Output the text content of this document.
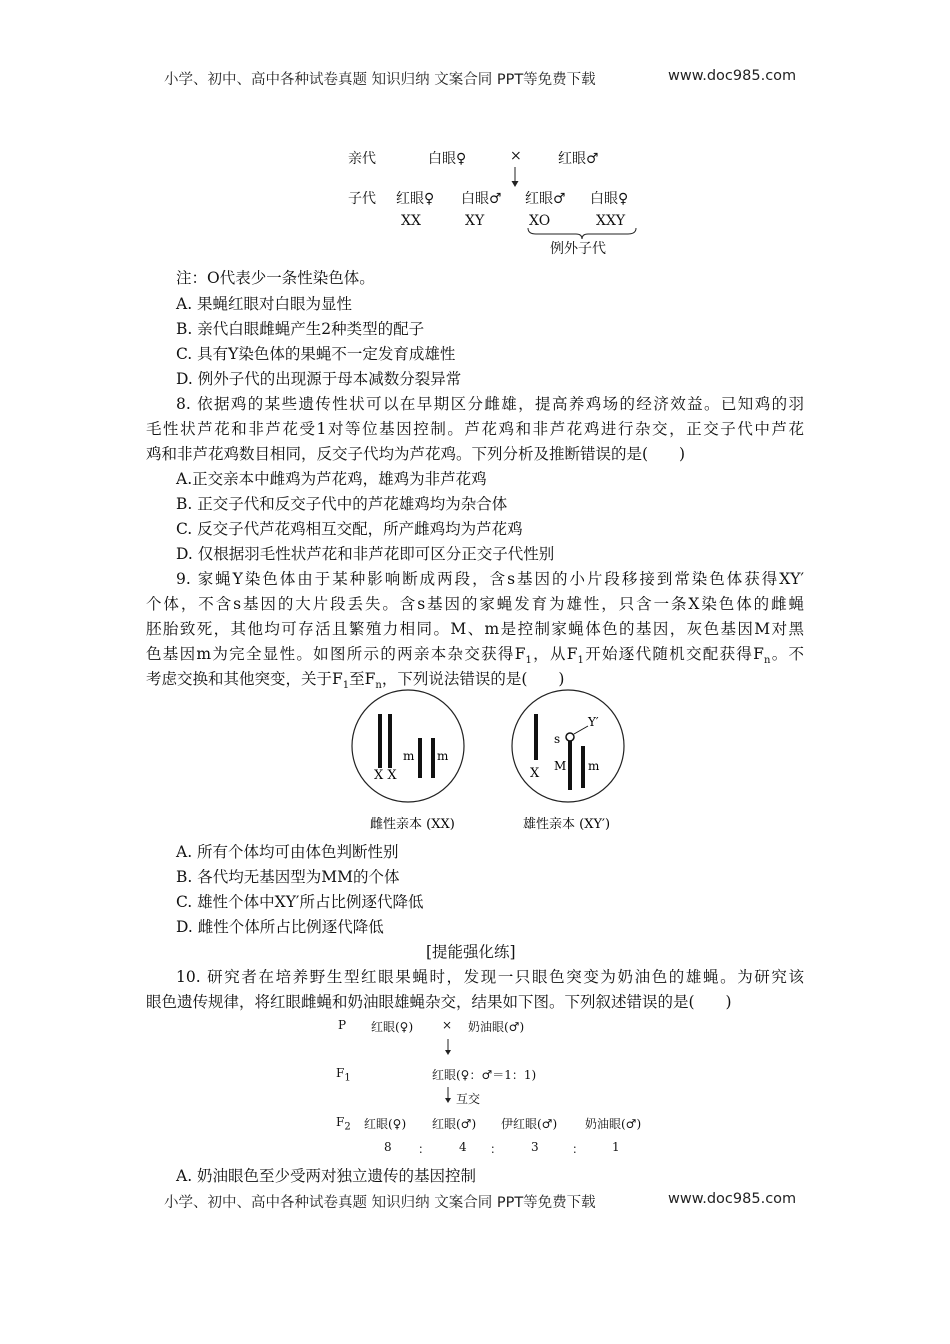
小学、初中、高中各种试卷真题 知识归纳 文案合同 PPT等免费下载	www.doc985.com
亲代	白眼♀	×	红眼♂
子代 红眼♀ 白眼♂ 红眼♂ 白眼♀
XX	XY	XO	XXY
例外子代
注：O代表少一条性染色体。
A. 果蝇红眼对白眼为显性
B. 亲代白眼雌蝇产生2种类型的配子
C. 具有Y染色体的果蝇不一定发育成雄性
D. 例外子代的出现源于母本减数分裂异常
8. 依据鸡的某些遗传性状可以在早期区分雌雄，提高养鸡场的经济效益。已知鸡的羽
毛性状芦花和非芦花受1对等位基因控制。芦花鸡和非芦花鸡进行杂交，正交子代中芦花
鸡和非芦花鸡数目相同，反交子代均为芦花鸡。下列分析及推断错误的是(　　)
A.正交亲本中雌鸡为芦花鸡，雄鸡为非芦花鸡
B. 正交子代和反交子代中的芦花雄鸡均为杂合体
C. 反交子代芦花鸡相互交配，所产雌鸡均为芦花鸡
D. 仅根据羽毛性状芦花和非芦花即可区分正交子代性别
9. 家蝇Y染色体由于某种影响断成两段，含s基因的小片段移接到常染色体获得XY′
个体，不含s基因的大片段丢失。含s基因的家蝇发育为雄性，只含一条X染色体的雌蝇
胚胎致死，其他均可存活且繁殖力相同。M、m是控制家蝇体色的基因，灰色基因M对黑
色基因m为完全显性。如图所示的两亲本杂交获得$F_1$，从$F_1$开始逐代随机交配获得$F_n$。不
考虑交换和其他突变，关于$F_1$至$F_n$，下列说法错误的是(　　)
X X
m m
X
s
Y′
M m
雌性亲本 (XX)	雄性亲本 (XY′)
A. 所有个体均可由体色判断性别
B. 各代均无基因型为MM的个体
C. 雄性个体中XY′所占比例逐代降低
D. 雌性个体所占比例逐代降低
[提能强化练]
10. 研究者在培养野生型红眼果蝇时，发现一只眼色突变为奶油色的雄蝇。为研究该
眼色遗传规律，将红眼雌蝇和奶油眼雄蝇杂交，结果如下图。下列叙述错误的是(　　)
P 红眼(♀) × 奶油眼(♂)
$F_1$	红眼(♀：♂＝1：1)
互交
$F_2$ 红眼(♀) 红眼(♂) 伊红眼(♂) 奶油眼(♂)
8 ： 4 ： 3	： 1
A. 奶油眼色至少受两对独立遗传的基因控制
小学、初中、高中各种试卷真题 知识归纳 文案合同 PPT等免费下载	www.doc985.com
